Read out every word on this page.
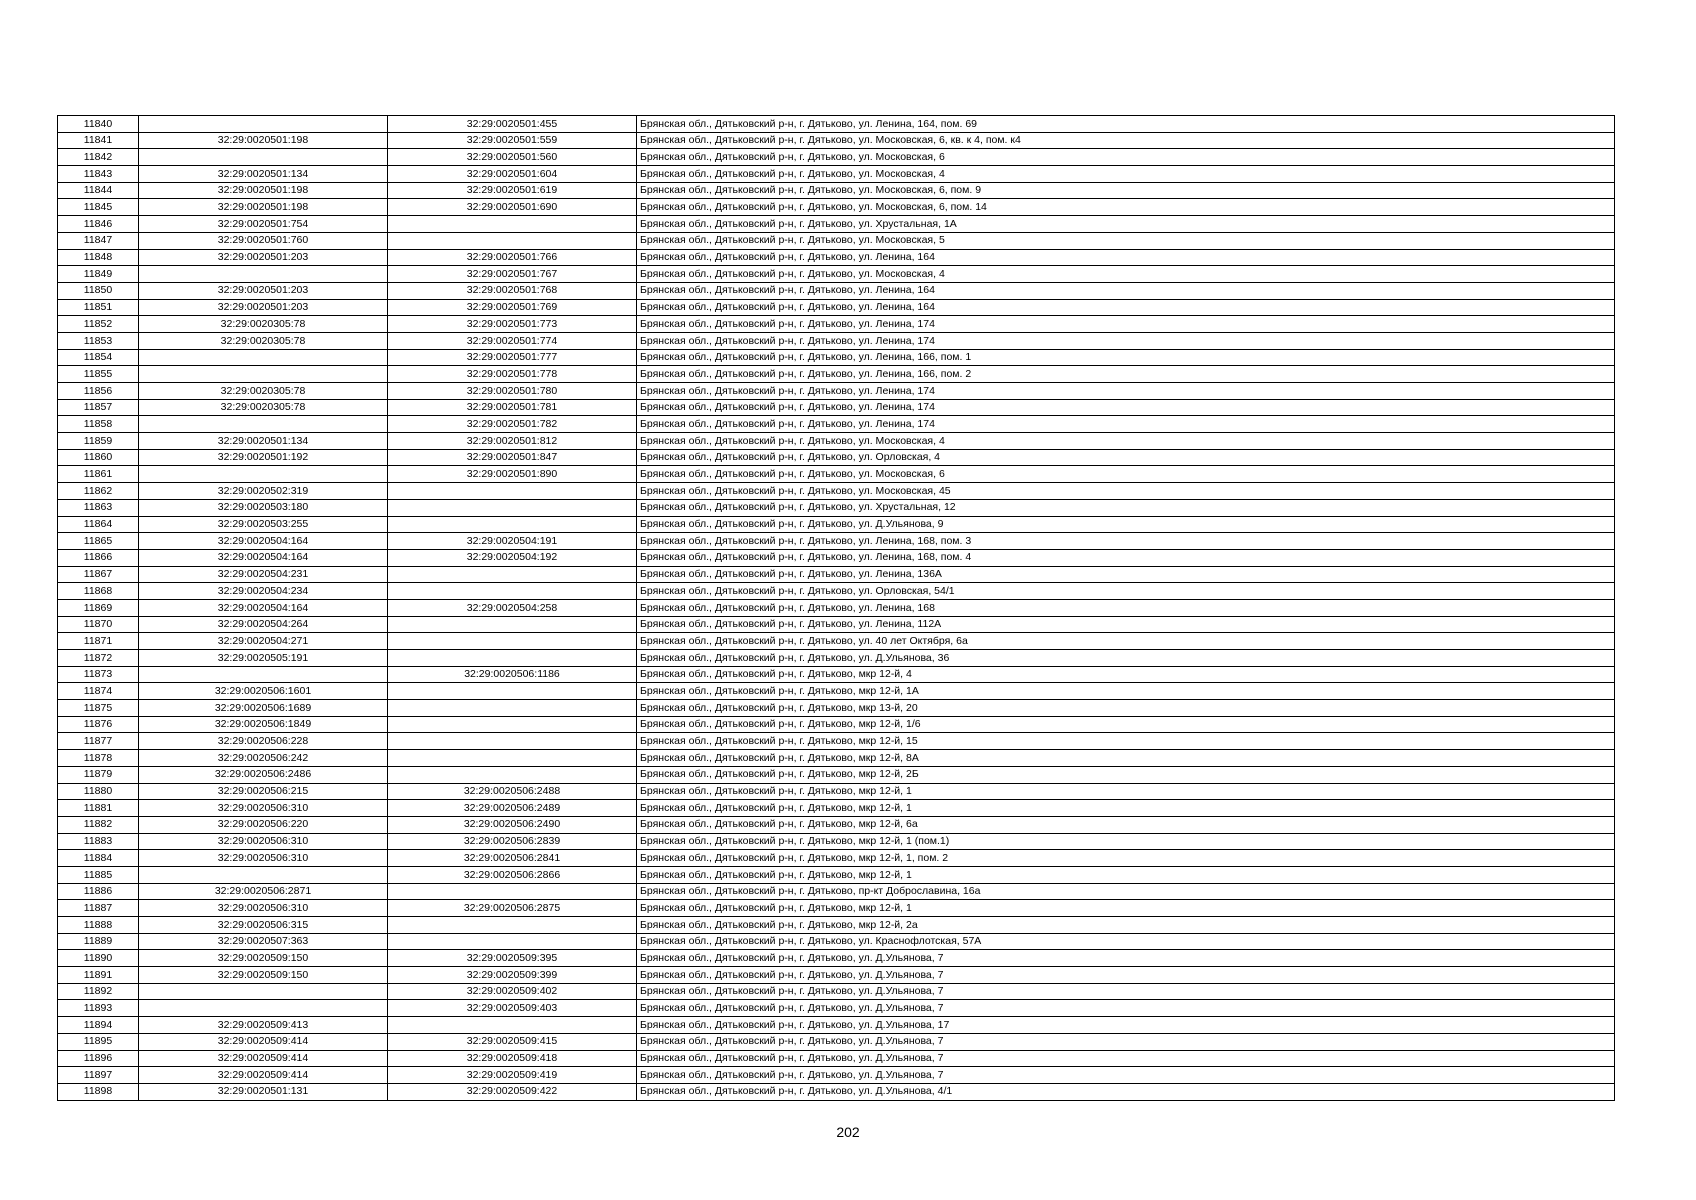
11840		32:29:0020501:455	Брянская обл., Дятьковский р-н, г. Дятьково, ул. Ленина, 164, пом. 69
11841	32:29:0020501:198	32:29:0020501:559	Брянская обл., Дятьковский р-н, г. Дятьково, ул. Московская, 6, кв. к 4, пом. к4
11842		32:29:0020501:560	Брянская обл., Дятьковский р-н, г. Дятьково, ул. Московская, 6
11843	32:29:0020501:134	32:29:0020501:604	Брянская обл., Дятьковский р-н, г. Дятьково, ул. Московская, 4
11844	32:29:0020501:198	32:29:0020501:619	Брянская обл., Дятьковский р-н, г. Дятьково, ул. Московская, 6, пом. 9
11845	32:29:0020501:198	32:29:0020501:690	Брянская обл., Дятьковский р-н, г. Дятьково, ул. Московская, 6, пом. 14
11846	32:29:0020501:754		Брянская обл., Дятьковский р-н, г. Дятьково, ул. Хрустальная, 1А
11847	32:29:0020501:760		Брянская обл., Дятьковский р-н, г. Дятьково, ул. Московская, 5
11848	32:29:0020501:203	32:29:0020501:766	Брянская обл., Дятьковский р-н, г. Дятьково, ул. Ленина, 164
11849		32:29:0020501:767	Брянская обл., Дятьковский р-н, г. Дятьково, ул. Московская, 4
11850	32:29:0020501:203	32:29:0020501:768	Брянская обл., Дятьковский р-н, г. Дятьково, ул. Ленина, 164
11851	32:29:0020501:203	32:29:0020501:769	Брянская обл., Дятьковский р-н, г. Дятьково, ул. Ленина, 164
11852	32:29:0020305:78	32:29:0020501:773	Брянская обл., Дятьковский р-н, г. Дятьково, ул. Ленина, 174
11853	32:29:0020305:78	32:29:0020501:774	Брянская обл., Дятьковский р-н, г. Дятьково, ул. Ленина, 174
11854		32:29:0020501:777	Брянская обл., Дятьковский р-н, г. Дятьково, ул. Ленина, 166, пом. 1
11855		32:29:0020501:778	Брянская обл., Дятьковский р-н, г. Дятьково, ул. Ленина, 166, пом. 2
11856	32:29:0020305:78	32:29:0020501:780	Брянская обл., Дятьковский р-н, г. Дятьково, ул. Ленина, 174
11857	32:29:0020305:78	32:29:0020501:781	Брянская обл., Дятьковский р-н, г. Дятьково, ул. Ленина, 174
11858		32:29:0020501:782	Брянская обл., Дятьковский р-н, г. Дятьково, ул. Ленина, 174
11859	32:29:0020501:134	32:29:0020501:812	Брянская обл., Дятьковский р-н, г. Дятьково, ул. Московская, 4
11860	32:29:0020501:192	32:29:0020501:847	Брянская обл., Дятьковский р-н, г. Дятьково, ул. Орловская, 4
11861		32:29:0020501:890	Брянская обл., Дятьковский р-н, г. Дятьково, ул. Московская, 6
11862	32:29:0020502:319		Брянская обл., Дятьковский р-н, г. Дятьково, ул. Московская, 45
11863	32:29:0020503:180		Брянская обл., Дятьковский р-н, г. Дятьково, ул. Хрустальная, 12
11864	32:29:0020503:255		Брянская обл., Дятьковский р-н, г. Дятьково, ул. Д.Ульянова, 9
11865	32:29:0020504:164	32:29:0020504:191	Брянская обл., Дятьковский р-н, г. Дятьково, ул. Ленина, 168, пом. 3
11866	32:29:0020504:164	32:29:0020504:192	Брянская обл., Дятьковский р-н, г. Дятьково, ул. Ленина, 168, пом. 4
11867	32:29:0020504:231		Брянская обл., Дятьковский р-н, г. Дятьково, ул. Ленина, 136А
11868	32:29:0020504:234		Брянская обл., Дятьковский р-н, г. Дятьково, ул. Орловская, 54/1
11869	32:29:0020504:164	32:29:0020504:258	Брянская обл., Дятьковский р-н, г. Дятьково, ул. Ленина, 168
11870	32:29:0020504:264		Брянская обл., Дятьковский р-н, г. Дятьково, ул. Ленина, 112А
11871	32:29:0020504:271		Брянская обл., Дятьковский р-н, г. Дятьково, ул. 40 лет Октября, 6а
11872	32:29:0020505:191		Брянская обл., Дятьковский р-н, г. Дятьково, ул. Д.Ульянова, 36
11873		32:29:0020506:1186	Брянская обл., Дятьковский р-н, г. Дятьково, мкр 12-й, 4
11874	32:29:0020506:1601		Брянская обл., Дятьковский р-н, г. Дятьково, мкр 12-й, 1А
11875	32:29:0020506:1689		Брянская обл., Дятьковский р-н, г. Дятьково, мкр 13-й, 20
11876	32:29:0020506:1849		Брянская обл., Дятьковский р-н, г. Дятьково, мкр 12-й, 1/6
11877	32:29:0020506:228		Брянская обл., Дятьковский р-н, г. Дятьково, мкр 12-й, 15
11878	32:29:0020506:242		Брянская обл., Дятьковский р-н, г. Дятьково, мкр 12-й, 8А
11879	32:29:0020506:2486		Брянская обл., Дятьковский р-н, г. Дятьково, мкр 12-й, 2Б
11880	32:29:0020506:215	32:29:0020506:2488	Брянская обл., Дятьковский р-н, г. Дятьково, мкр 12-й, 1
11881	32:29:0020506:310	32:29:0020506:2489	Брянская обл., Дятьковский р-н, г. Дятьково, мкр 12-й, 1
11882	32:29:0020506:220	32:29:0020506:2490	Брянская обл., Дятьковский р-н, г. Дятьково, мкр 12-й, 6а
11883	32:29:0020506:310	32:29:0020506:2839	Брянская обл., Дятьковский р-н, г. Дятьково, мкр 12-й, 1 (пом.1)
11884	32:29:0020506:310	32:29:0020506:2841	Брянская обл., Дятьковский р-н, г. Дятьково, мкр 12-й, 1, пом. 2
11885		32:29:0020506:2866	Брянская обл., Дятьковский р-н, г. Дятьково, мкр 12-й, 1
11886	32:29:0020506:2871		Брянская обл., Дятьковский р-н, г. Дятьково, пр-кт Доброславина, 16а
11887	32:29:0020506:310	32:29:0020506:2875	Брянская обл., Дятьковский р-н, г. Дятьково, мкр 12-й, 1
11888	32:29:0020506:315		Брянская обл., Дятьковский р-н, г. Дятьково, мкр 12-й, 2а
11889	32:29:0020507:363		Брянская обл., Дятьковский р-н, г. Дятьково, ул. Краснофлотская, 57А
11890	32:29:0020509:150	32:29:0020509:395	Брянская обл., Дятьковский р-н, г. Дятьково, ул. Д.Ульянова, 7
11891	32:29:0020509:150	32:29:0020509:399	Брянская обл., Дятьковский р-н, г. Дятьково, ул. Д.Ульянова, 7
11892		32:29:0020509:402	Брянская обл., Дятьковский р-н, г. Дятьково, ул. Д.Ульянова, 7
11893		32:29:0020509:403	Брянская обл., Дятьковский р-н, г. Дятьково, ул. Д.Ульянова, 7
11894	32:29:0020509:413		Брянская обл., Дятьковский р-н, г. Дятьково, ул. Д.Ульянова, 17
11895	32:29:0020509:414	32:29:0020509:415	Брянская обл., Дятьковский р-н, г. Дятьково, ул. Д.Ульянова, 7
11896	32:29:0020509:414	32:29:0020509:418	Брянская обл., Дятьковский р-н, г. Дятьково, ул. Д.Ульянова, 7
11897	32:29:0020509:414	32:29:0020509:419	Брянская обл., Дятьковский р-н, г. Дятьково, ул. Д.Ульянова, 7
11898	32:29:0020501:131	32:29:0020509:422	Брянская обл., Дятьковский р-н, г. Дятьково, ул. Д.Ульянова, 4/1
202
